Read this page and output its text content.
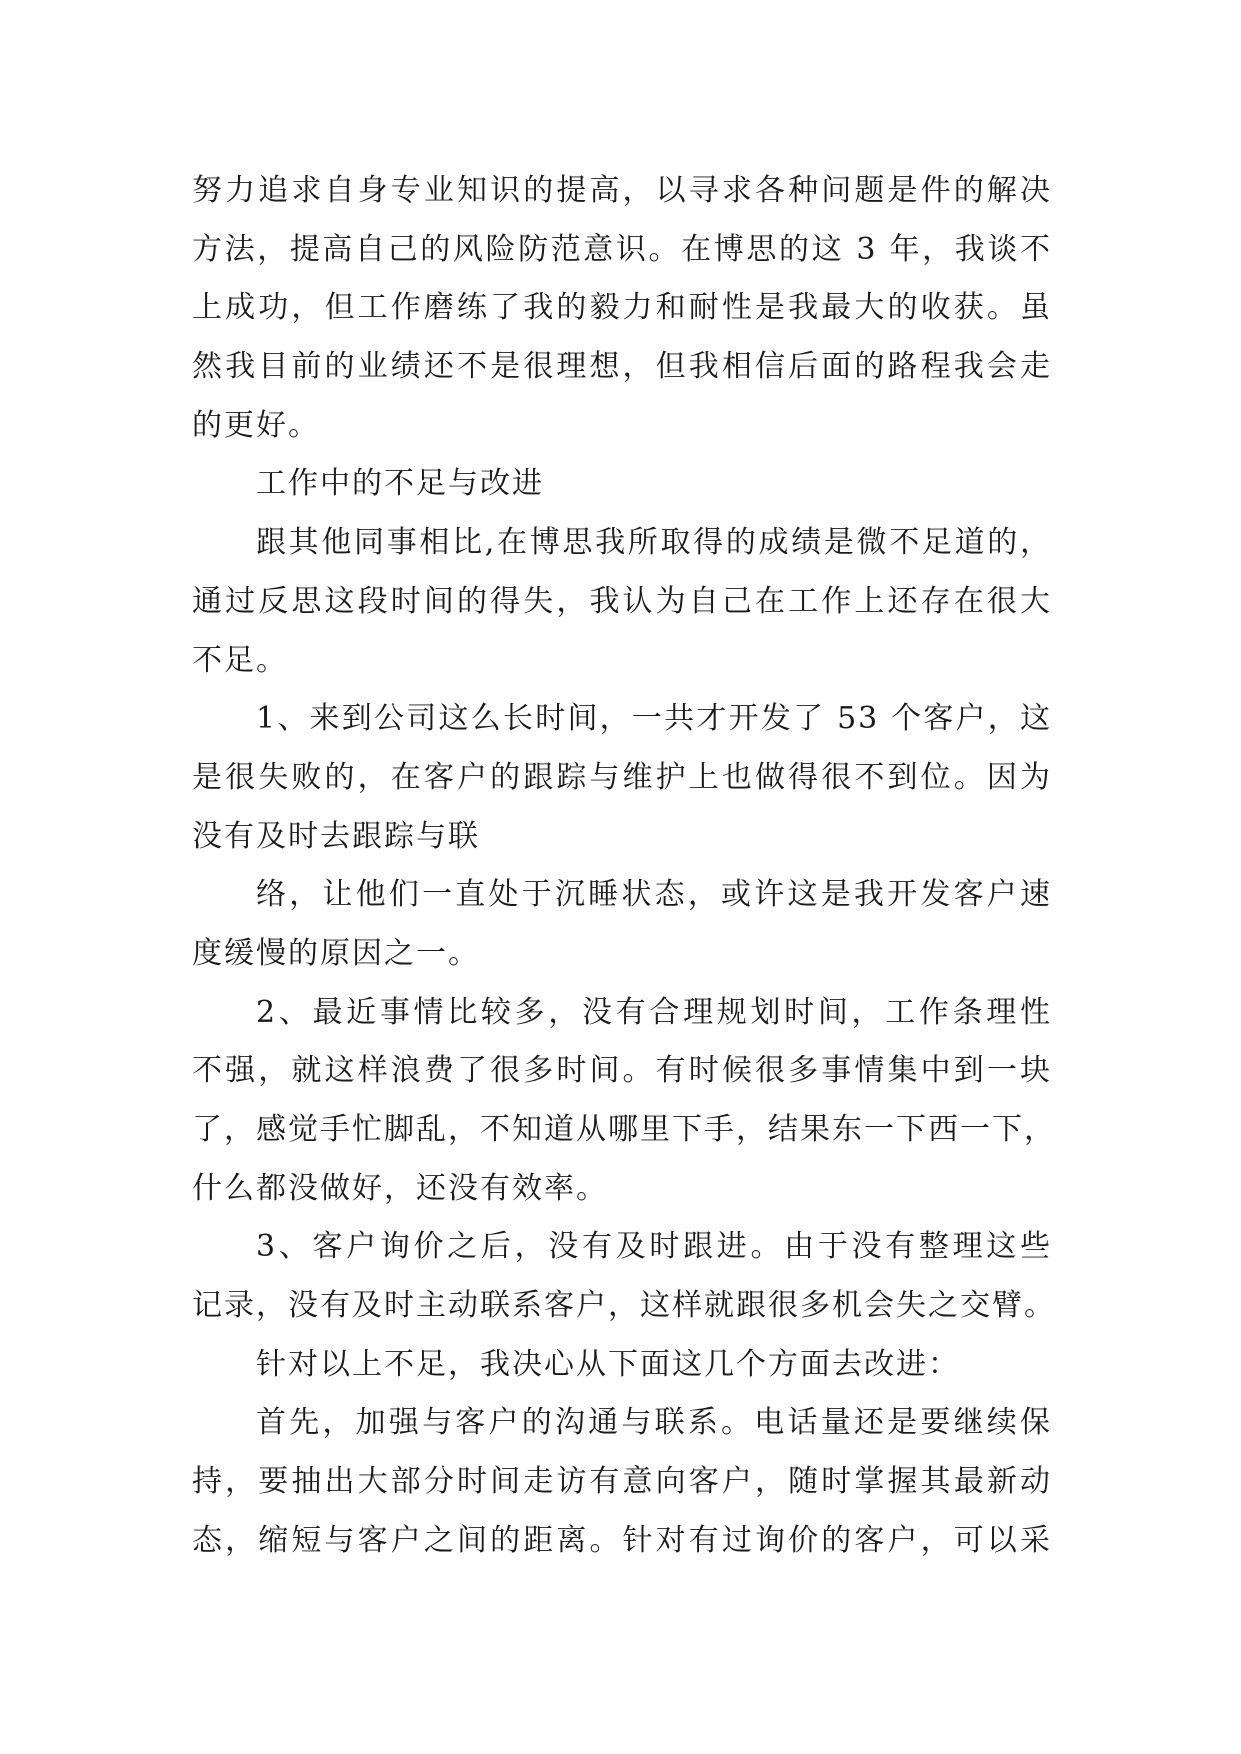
努力追求自身专业知识的提高，以寻求各种问题是件的解决
方法，提高自己的风险防范意识。在博思的这 3 年，我谈不
上成功，但工作磨练了我的毅力和耐性是我最大的收获。虽
然我目前的业绩还不是很理想，但我相信后面的路程我会走
的更好。
工作中的不足与改进
跟其他同事相比,在博思我所取得的成绩是微不足道的，
通过反思这段时间的得失，我认为自己在工作上还存在很大
不足。
1、来到公司这么长时间，一共才开发了 53 个客户，这
是很失败的，在客户的跟踪与维护上也做得很不到位。因为
没有及时去跟踪与联
络，让他们一直处于沉睡状态，或许这是我开发客户速
度缓慢的原因之一。
2、最近事情比较多，没有合理规划时间，工作条理性
不强，就这样浪费了很多时间。有时候很多事情集中到一块
了，感觉手忙脚乱，不知道从哪里下手，结果东一下西一下，
什么都没做好，还没有效率。
3、客户询价之后，没有及时跟进。由于没有整理这些
记录，没有及时主动联系客户，这样就跟很多机会失之交臂。
针对以上不足，我决心从下面这几个方面去改进：
首先，加强与客户的沟通与联系。电话量还是要继续保
持，要抽出大部分时间走访有意向客户，随时掌握其最新动
态，缩短与客户之间的距离。针对有过询价的客户，可以采
